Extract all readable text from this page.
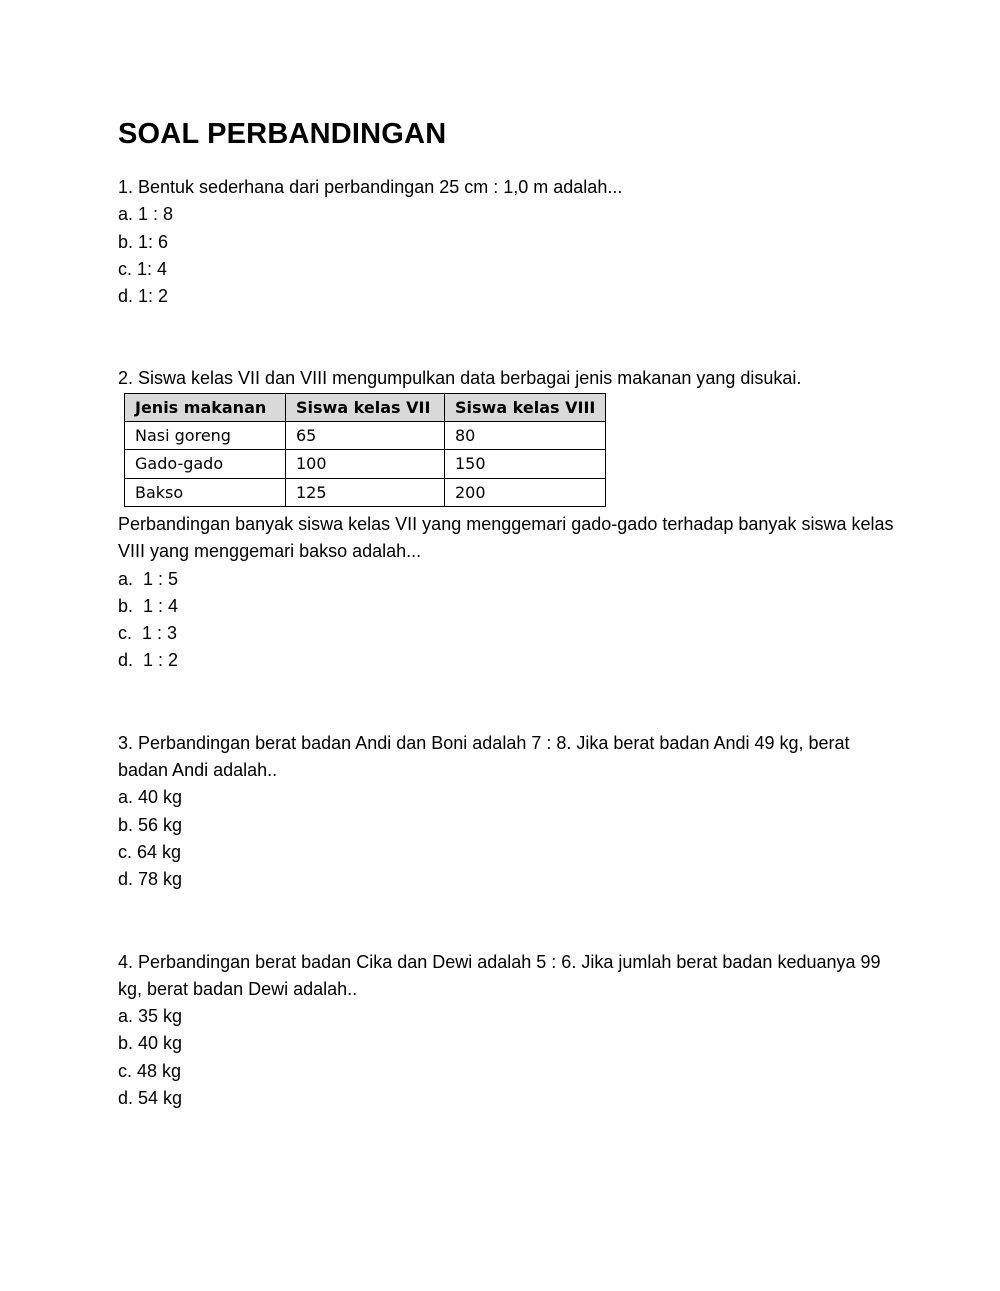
SOAL PERBANDINGAN

1. Bentuk sederhana dari perbandingan 25 cm : 1,0 m adalah...

a. 1 : 8

b. 1: 6

c. 1: 4

d. 1: 2

2. Siswa kelas VII dan VIII mengumpulkan data berbagai jenis makanan yang disukai.

Jenis makanan	Siswa kelas VII	Siswa kelas VIII
Nasi goreng	65	80
Gado-gado	100	150
Bakso	125	200

Perbandingan banyak siswa kelas VII yang menggemari gado-gado terhadap banyak siswa kelas VIII yang menggemari bakso adalah...

a.  1 : 5

b.  1 : 4

c.  1 : 3

d.  1 : 2

3. Perbandingan berat badan Andi dan Boni adalah 7 : 8. Jika berat badan Andi 49 kg, berat badan Andi adalah..

a. 40 kg

b. 56 kg

c. 64 kg

d. 78 kg

4. Perbandingan berat badan Cika dan Dewi adalah 5 : 6. Jika jumlah berat badan keduanya 99 kg, berat badan Dewi adalah..

a. 35 kg

b. 40 kg

c. 48 kg

d. 54 kg
